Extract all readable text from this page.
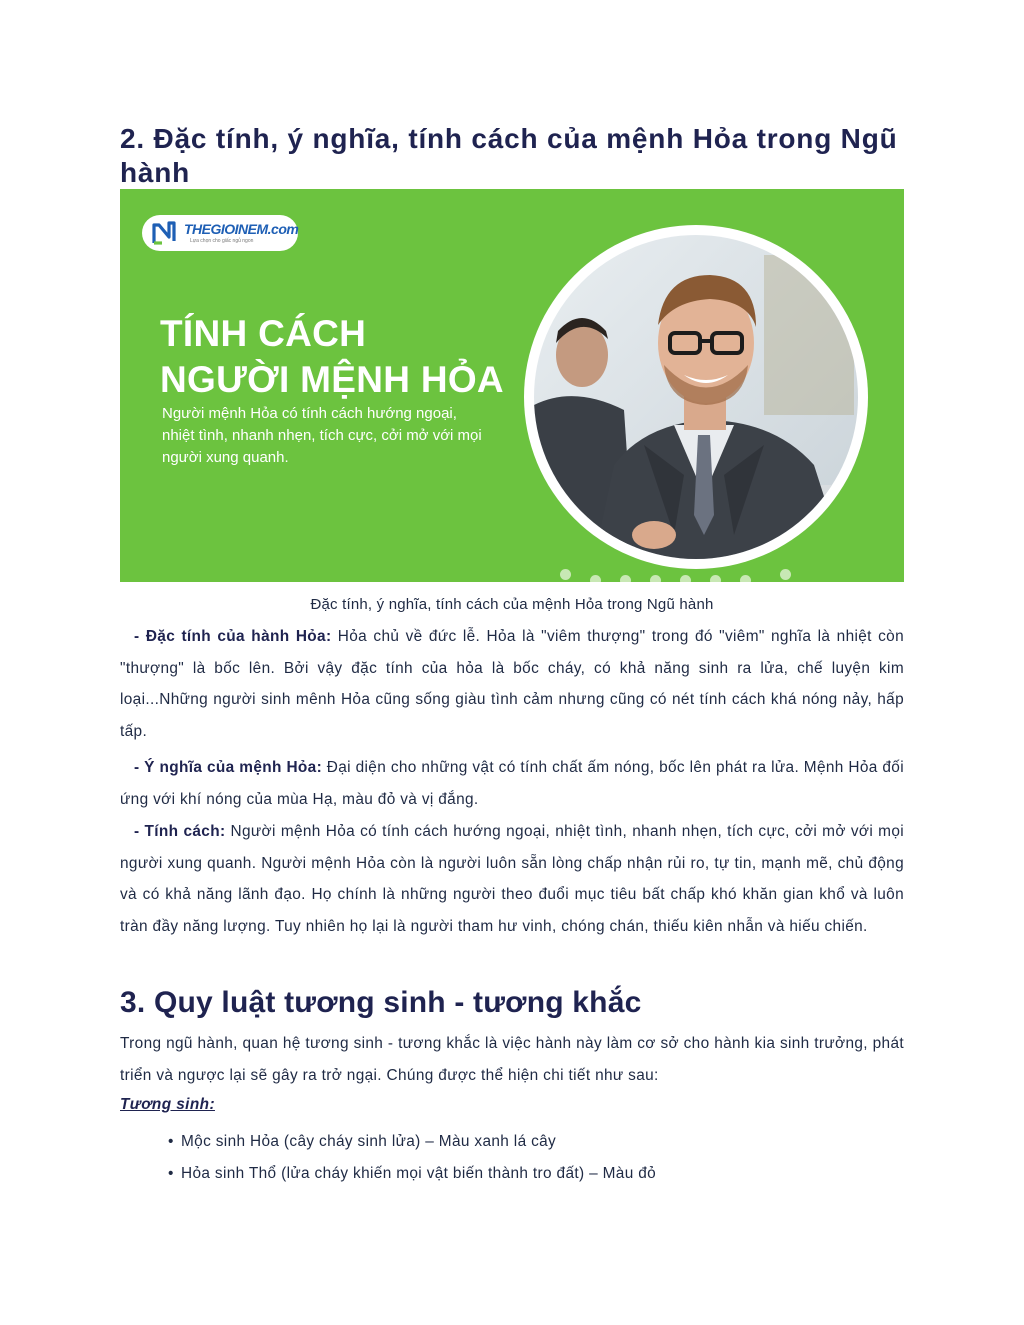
2. Đặc tính, ý nghĩa, tính cách của mệnh Hỏa trong Ngũ hành
THEGIOINEM.com
Lựa chọn cho giấc ngủ ngon
TÍNH CÁCH
NGƯỜI MỆNH HỎA
Người mệnh Hỏa có tính cách hướng ngoại, nhiệt tình, nhanh nhẹn, tích cực, cởi mở với mọi người xung quanh.
Đặc tính, ý nghĩa, tính cách của mệnh Hỏa trong Ngũ hành

- Đặc tính của hành Hỏa: Hỏa chủ về đức lễ. Hỏa là "viêm thượng" trong đó "viêm" nghĩa là nhiệt còn "thượng" là bốc lên. Bởi vậy đặc tính của hỏa là bốc cháy, có khả năng sinh ra lửa, chế luyện kim loại...Những người sinh mênh Hỏa cũng sống giàu tình cảm nhưng cũng có nét tính cách khá nóng nảy, hấp tấp.

- Ý nghĩa của mệnh Hỏa: Đại diện cho những vật có tính chất ấm nóng, bốc lên phát ra lửa. Mệnh Hỏa đối ứng với khí nóng của mùa Hạ, màu đỏ và vị đắng.

- Tính cách: Người mệnh Hỏa có tính cách hướng ngoại, nhiệt tình, nhanh nhẹn, tích cực, cởi mở với mọi người xung quanh. Người mệnh Hỏa còn là người luôn sẵn lòng chấp nhận rủi ro, tự tin, mạnh mẽ, chủ động và có khả năng lãnh đạo. Họ chính là những người theo đuổi mục tiêu bất chấp khó khăn gian khổ và luôn tràn đầy năng lượng. Tuy nhiên họ lại là người tham hư vinh, chóng chán, thiếu kiên nhẫn và hiếu chiến.

3. Quy luật tương sinh - tương khắc

Trong ngũ hành, quan hệ tương sinh - tương khắc là việc hành này làm cơ sở cho hành kia sinh trưởng, phát triển và ngược lại sẽ gây ra trở ngại. Chúng được thể hiện chi tiết như sau:

Tương sinh:
• Mộc sinh Hỏa (cây cháy sinh lửa) – Màu xanh lá cây
• Hỏa sinh Thổ (lửa cháy khiến mọi vật biến thành tro đất) – Màu đỏ
